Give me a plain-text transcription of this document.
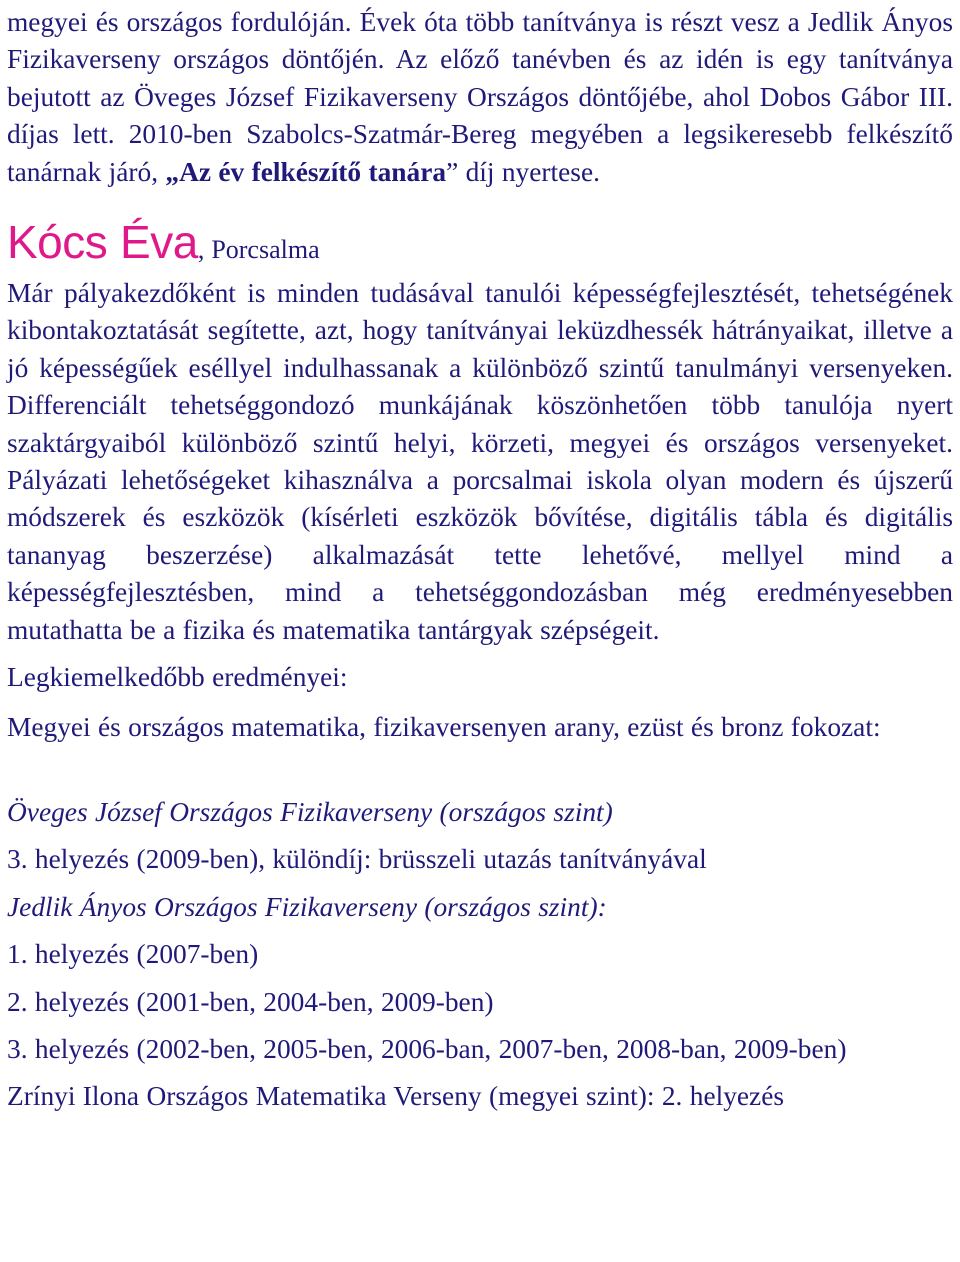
megyei és országos fordulóján. Évek óta több tanítványa is részt vesz a Jedlik Ányos Fizikaverseny országos döntőjén. Az előző tanévben és az idén is egy tanítványa bejutott az Öveges József Fizikaverseny Országos döntőjébe, ahol Dobos Gábor III. díjas lett. 2010-ben Szabolcs-Szatmár-Bereg megyében a legsikeresebb felkészítő tanárnak járó, „Az év felkészítő tanára” díj nyertese.

Kócs Éva, Porcsalma

Már pályakezdőként is minden tudásával tanulói képességfejlesztését, tehetségének kibontakoztatását segítette, azt, hogy tanítványai leküzdhessék hátrányaikat, illetve a jó képességűek eséllyel indulhassanak a különböző szintű tanulmányi versenyeken. Differenciált tehetséggondozó munkájának köszönhetően több tanulója nyert szaktárgyaiból különböző szintű helyi, körzeti, megyei és országos versenyeket. Pályázati lehetőségeket kihasználva a porcsalmai iskola olyan modern és újszerű módszerek és eszközök (kísérleti eszközök bővítése, digitális tábla és digitális tananyag beszerzése) alkalmazását tette lehetővé, mellyel mind a képességfejlesztésben, mind a tehetséggondozásban még eredményesebben mutathatta be a fizika és matematika tantárgyak szépségeit.

Legkiemelkedőbb eredményei:

Megyei és országos matematika, fizikaversenyen arany, ezüst és bronz fokozat:

Öveges József Országos Fizikaverseny (országos szint)

3. helyezés (2009-ben), különdíj: brüsszeli utazás tanítványával

Jedlik Ányos Országos Fizikaverseny (országos szint):

1. helyezés (2007-ben)

2. helyezés (2001-ben, 2004-ben, 2009-ben)

3. helyezés (2002-ben, 2005-ben, 2006-ban, 2007-ben, 2008-ban, 2009-ben)

Zrínyi Ilona Országos Matematika Verseny (megyei szint): 2. helyezés
